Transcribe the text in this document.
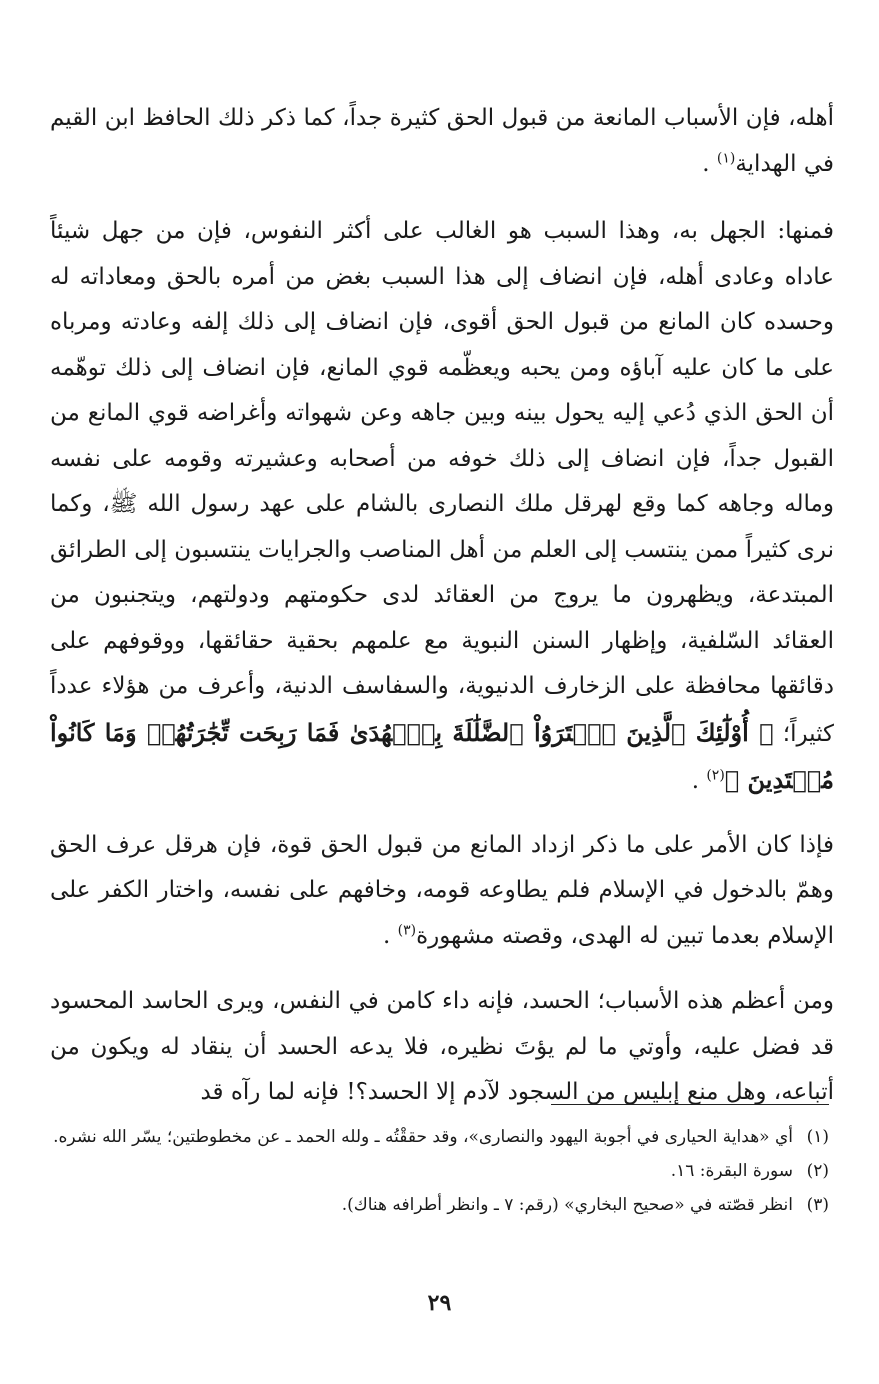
أهله، فإن الأسباب المانعة من قبول الحق كثيرة جداً، كما ذكر ذلك الحافظ ابن القيم في الهداية$^{(١)}$ .

فمنها: الجهل به، وهذا السبب هو الغالب على أكثر النفوس، فإن من جهل شيئاً عاداه وعادى أهله، فإن انضاف إلى هذا السبب بغض من أمره بالحق ومعاداته له وحسده كان المانع من قبول الحق أقوى، فإن انضاف إلى ذلك إلفه وعادته ومرباه على ما كان عليه آباؤه ومن يحبه ويعظّمه قوي المانع، فإن انضاف إلى ذلك توهّمه أن الحق الذي دُعي إليه يحول بينه وبين جاهه وعن شهواته وأغراضه قوي المانع من القبول جداً، فإن انضاف إلى ذلك خوفه من أصحابه وعشيرته وقومه على نفسه وماله وجاهه كما وقع لهرقل ملك النصارى بالشام على عهد رسول الله ﷺ، وكما نرى كثيراً ممن ينتسب إلى العلم من أهل المناصب والجرايات ينتسبون إلى الطرائق المبتدعة، ويظهرون ما يروج من العقائد لدى حكومتهم ودولتهم، ويتجنبون من العقائد السّلفية، وإظهار السنن النبوية مع علمهم بحقية حقائقها، ووقوفهم على دقائقها محافظة على الزخارف الدنيوية، والسفاسف الدنية، وأعرف من هؤلاء عدداً كثيراً؛ ﴿ أُوْلَٰٓئِكَ ٱلَّذِينَ ٱشۡتَرَوُاْ ٱلضَّلَٰلَةَ بِٱلۡهُدَىٰ فَمَا رَبِحَت تِّجَٰرَتُهُمۡ وَمَا كَانُواْ مُهۡتَدِينَ ﴾$^{(٢)}$ .

فإذا كان الأمر على ما ذكر ازداد المانع من قبول الحق قوة، فإن هرقل عرف الحق وهمّ بالدخول في الإسلام فلم يطاوعه قومه، وخافهم على نفسه، واختار الكفر على الإسلام بعدما تبين له الهدى، وقصته مشهورة$^{(٣)}$ .

ومن أعظم هذه الأسباب؛ الحسد، فإنه داء كامن في النفس، ويرى الحاسد المحسود قد فضل عليه، وأوتي ما لم يؤتَ نظيره، فلا يدعه الحسد أن ينقاد له ويكون من أتباعه، وهل منع إبليس من السجود لآدم إلا الحسد؟! فإنه لما رآه قد

(١)
أي «هداية الحيارى في أجوبة اليهود والنصارى»، وقد حققْتُه ـ ولله الحمد ـ عن مخطوطتين؛ يسّر الله نشره.

(٢)
سورة البقرة: ١٦.

(٣)
انظر قصّته في «صحيح البخاري» (رقم: ٧ ـ وانظر أطرافه هناك).

٢٩
